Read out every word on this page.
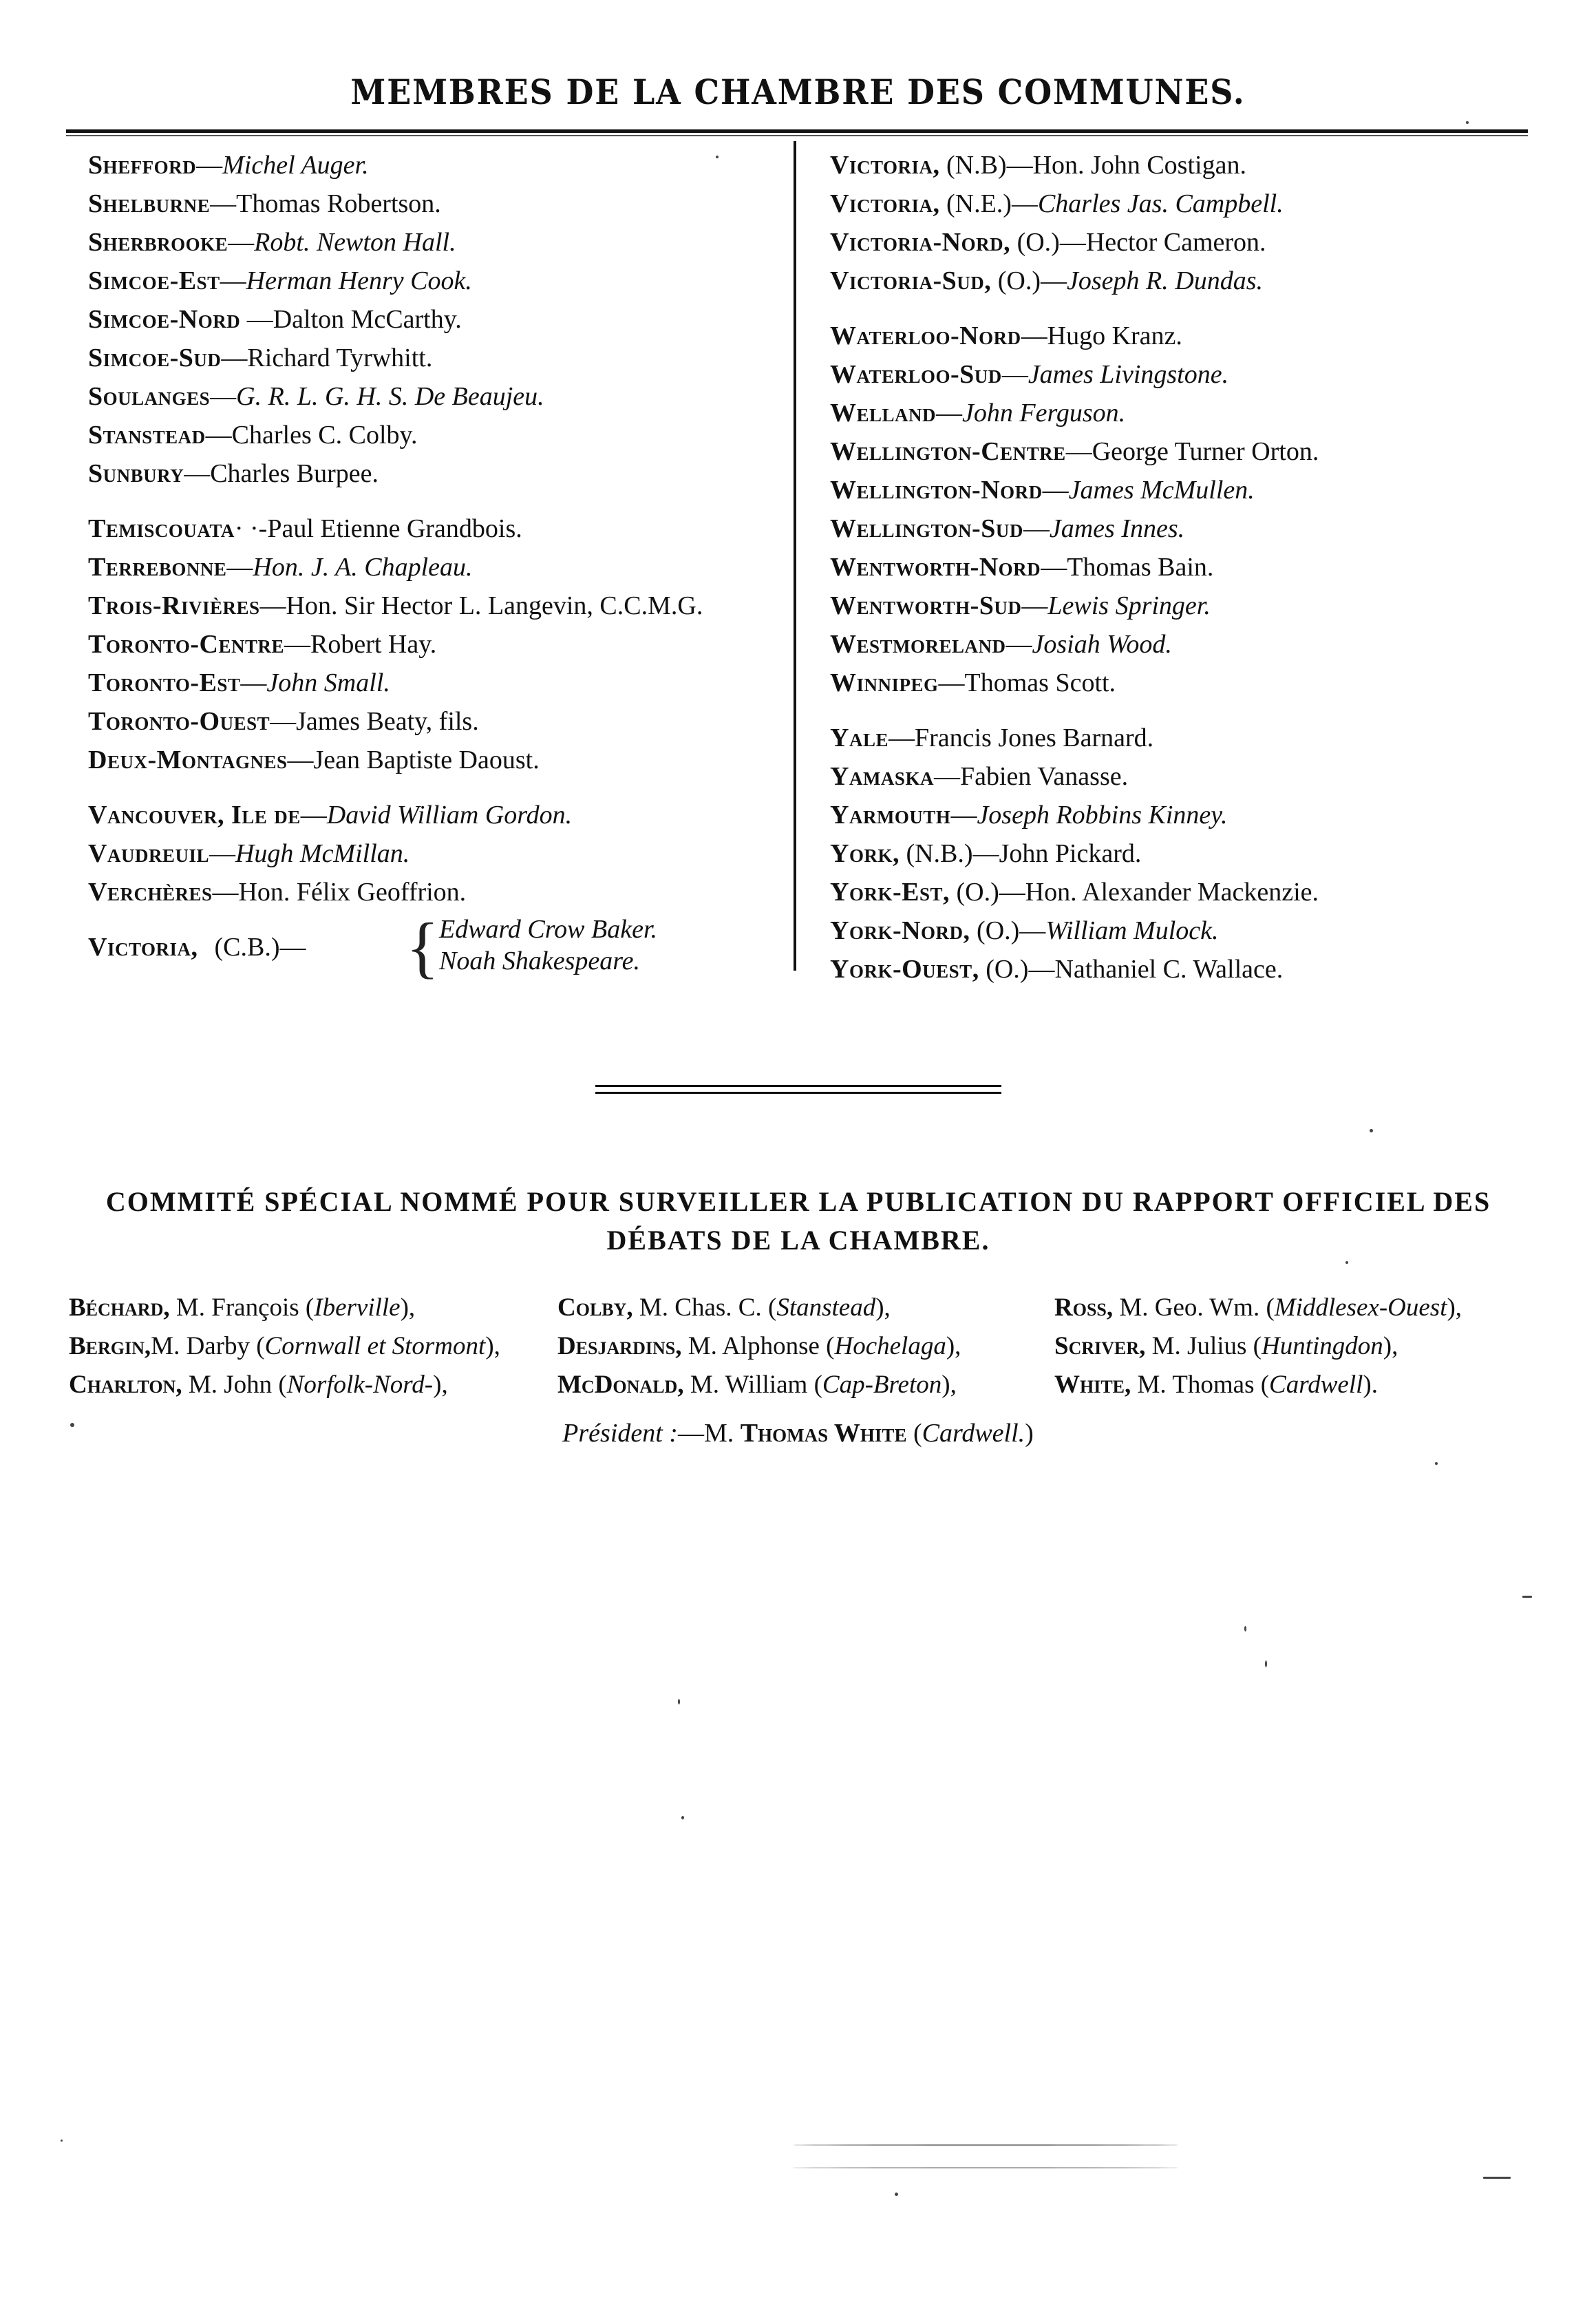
MEMBRES DE LA CHAMBRE DES COMMUNES.
Shefford—Michel Auger.
Shelburne—Thomas Robertson.
Sherbrooke—Robt. Newton Hall.
Simcoe-Est—Herman Henry Cook.
Simcoe-Nord —Dalton McCarthy.
Simcoe-Sud—Richard Tyrwhitt.
Soulanges—G. R. L. G. H. S. De Beaujeu.
Stanstead—Charles C. Colby.
Sunbury—Charles Burpee.
Temiscouata· ·-Paul Etienne Grandbois.
Terrebonne—Hon. J. A. Chapleau.
Trois-Rivières—Hon. Sir Hector L. Langevin, C.C.M.G.
Toronto-Centre—Robert Hay.
Toronto-Est—John Small.
Toronto-Ouest—James Beaty, fils.
Deux-Montagnes—Jean Baptiste Daoust.
Vancouver, Ile de—David William Gordon.
Vaudreuil—Hugh McMillan.
Verchères—Hon. Félix Geoffrion.
Victoria, (C.B.)— { Edward Crow Baker.
Noah Shakespeare.
Victoria, (N.B)—Hon. John Costigan.
Victoria, (N.E.)—Charles Jas. Campbell.
Victoria-Nord, (O.)—Hector Cameron.
Victoria-Sud, (O.)—Joseph R. Dundas.
Waterloo-Nord—Hugo Kranz.
Waterloo-Sud—James Livingstone.
Welland—John Ferguson.
Wellington-Centre—George Turner Orton.
Wellington-Nord—James McMullen.
Wellington-Sud—James Innes.
Wentworth-Nord—Thomas Bain.
Wentworth-Sud—Lewis Springer.
Westmoreland—Josiah Wood.
Winnipeg—Thomas Scott.
Yale—Francis Jones Barnard.
Yamaska—Fabien Vanasse.
Yarmouth—Joseph Robbins Kinney.
York, (N.B.)—John Pickard.
York-Est, (O.)—Hon. Alexander Mackenzie.
York-Nord, (O.)—William Mulock.
York-Ouest, (O.)—Nathaniel C. Wallace.
COMMITÉ SPÉCIAL NOMMÉ POUR SURVEILLER LA PUBLICATION DU RAPPORT OFFICIEL DES
DÉBATS DE LA CHAMBRE.
Béchard, M. François (Iberville),
Bergin,M. Darby (Cornwall et Stormont),
Charlton, M. John (Norfolk-Nord-),
Colby, M. Chas. C. (Stanstead),
Desjardins, M. Alphonse (Hochelaga),
McDonald, M. William (Cap-Breton),
Ross, M. Geo. Wm. (Middlesex-Ouest),
Scriver, M. Julius (Huntingdon),
White, M. Thomas (Cardwell).
Président :—M. Thomas White (Cardwell.)
